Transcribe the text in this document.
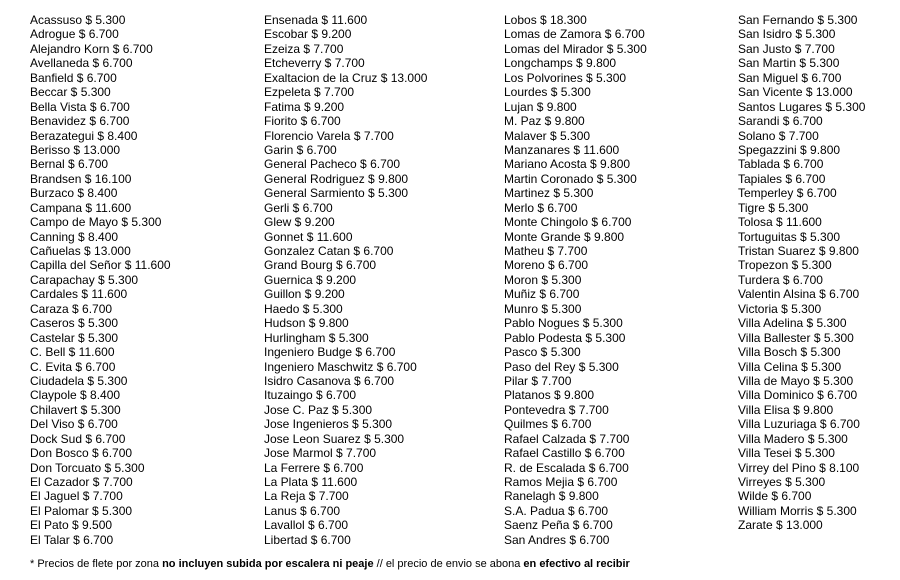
Acassuso $ 5.300
Adrogue $ 6.700
Alejandro Korn $ 6.700
Avellaneda $ 6.700
Banfield $ 6.700
Beccar $ 5.300
Bella Vista $ 6.700
Benavidez $ 6.700
Berazategui $ 8.400
Berisso $ 13.000
Bernal $ 6.700
Brandsen $ 16.100
Burzaco $ 8.400
Campana $ 11.600
Campo de Mayo $ 5.300
Canning $ 8.400
Cañuelas $ 13.000
Capilla del Señor $ 11.600
Carapachay $ 5.300
Cardales $ 11.600
Caraza $ 6.700
Caseros $ 5.300
Castelar $ 5.300
C. Bell $ 11.600
C. Evita $ 6.700
Ciudadela $ 5.300
Claypole $ 8.400
Chilavert $ 5.300
Del Viso $ 6.700
Dock Sud $ 6.700
Don Bosco $ 6.700
Don Torcuato $ 5.300
El Cazador $ 7.700
El Jaguel $ 7.700
El Palomar $ 5.300
El Pato $ 9.500
El Talar $ 6.700
Ensenada $ 11.600
Escobar $ 9.200
Ezeiza $ 7.700
Etcheverry $ 7.700
Exaltacion de la Cruz $ 13.000
Ezpeleta $ 7.700
Fatima $ 9.200
Fiorito $ 6.700
Florencio Varela $ 7.700
Garin $ 6.700
General Pacheco $ 6.700
General Rodriguez $ 9.800
General Sarmiento $ 5.300
Gerli $ 6.700
Glew $ 9.200
Gonnet $ 11.600
Gonzalez Catan $ 6.700
Grand Bourg $ 6.700
Guernica $ 9.200
Guillon $ 9.200
Haedo $ 5.300
Hudson $ 9.800
Hurlingham $ 5.300
Ingeniero Budge $ 6.700
Ingeniero Maschwitz $ 6.700
Isidro Casanova $ 6.700
Ituzaingo $ 6.700
Jose C. Paz $ 5.300
Jose Ingenieros $ 5.300
Jose Leon Suarez $ 5.300
Jose Marmol $ 7.700
La Ferrere $ 6.700
La Plata $ 11.600
La Reja $ 7.700
Lanus $ 6.700
Lavallol $ 6.700
Libertad $ 6.700
Lobos $ 18.300
Lomas de Zamora $ 6.700
Lomas del Mirador $ 5.300
Longchamps $ 9.800
Los Polvorines $ 5.300
Lourdes $ 5.300
Lujan $ 9.800
M. Paz $ 9.800
Malaver $ 5.300
Manzanares $ 11.600
Mariano Acosta $ 9.800
Martin Coronado $ 5.300
Martinez $ 5.300
Merlo $ 6.700
Monte Chingolo $ 6.700
Monte Grande $ 9.800
Matheu $ 7.700
Moreno $ 6.700
Moron $ 5.300
Muñiz $ 6.700
Munro $ 5.300
Pablo Nogues $ 5.300
Pablo Podesta $ 5.300
Pasco $ 5.300
Paso del Rey $ 5.300
Pilar $ 7.700
Platanos $ 9.800
Pontevedra $ 7.700
Quilmes $ 6.700
Rafael Calzada $ 7.700
Rafael Castillo $ 6.700
R. de Escalada $ 6.700
Ramos Mejia $ 6.700
Ranelagh $ 9.800
S.A. Padua $ 6.700
Saenz Peña $ 6.700
San Andres $ 6.700
San Fernando $ 5.300
San Isidro $ 5.300
San Justo $ 7.700
San Martin $ 5.300
San Miguel $ 6.700
San Vicente $ 13.000
Santos Lugares $ 5.300
Sarandi $ 6.700
Solano $ 7.700
Spegazzini $ 9.800
Tablada $ 6.700
Tapiales $ 6.700
Temperley $ 6.700
Tigre $ 5.300
Tolosa $ 11.600
Tortuguitas $ 5.300
Tristan Suarez $ 9.800
Tropezon $ 5.300
Turdera $ 6.700
Valentin Alsina $ 6.700
Victoria $ 5.300
Villa Adelina $ 5.300
Villa Ballester $ 5.300
Villa Bosch $ 5.300
Villa Celina $ 5.300
Villa de Mayo $ 5.300
Villa Dominico $ 6.700
Villa Elisa $ 9.800
Villa Luzuriaga $ 6.700
Villa Madero $ 5.300
Villa Tesei $ 5.300
Virrey del Pino $ 8.100
Virreyes $ 5.300
Wilde $ 6.700
William Morris $ 5.300
Zarate $ 13.000
* Precios de flete por zona no incluyen subida por escalera ni peaje // el precio de envio se abona en efectivo al recibir
